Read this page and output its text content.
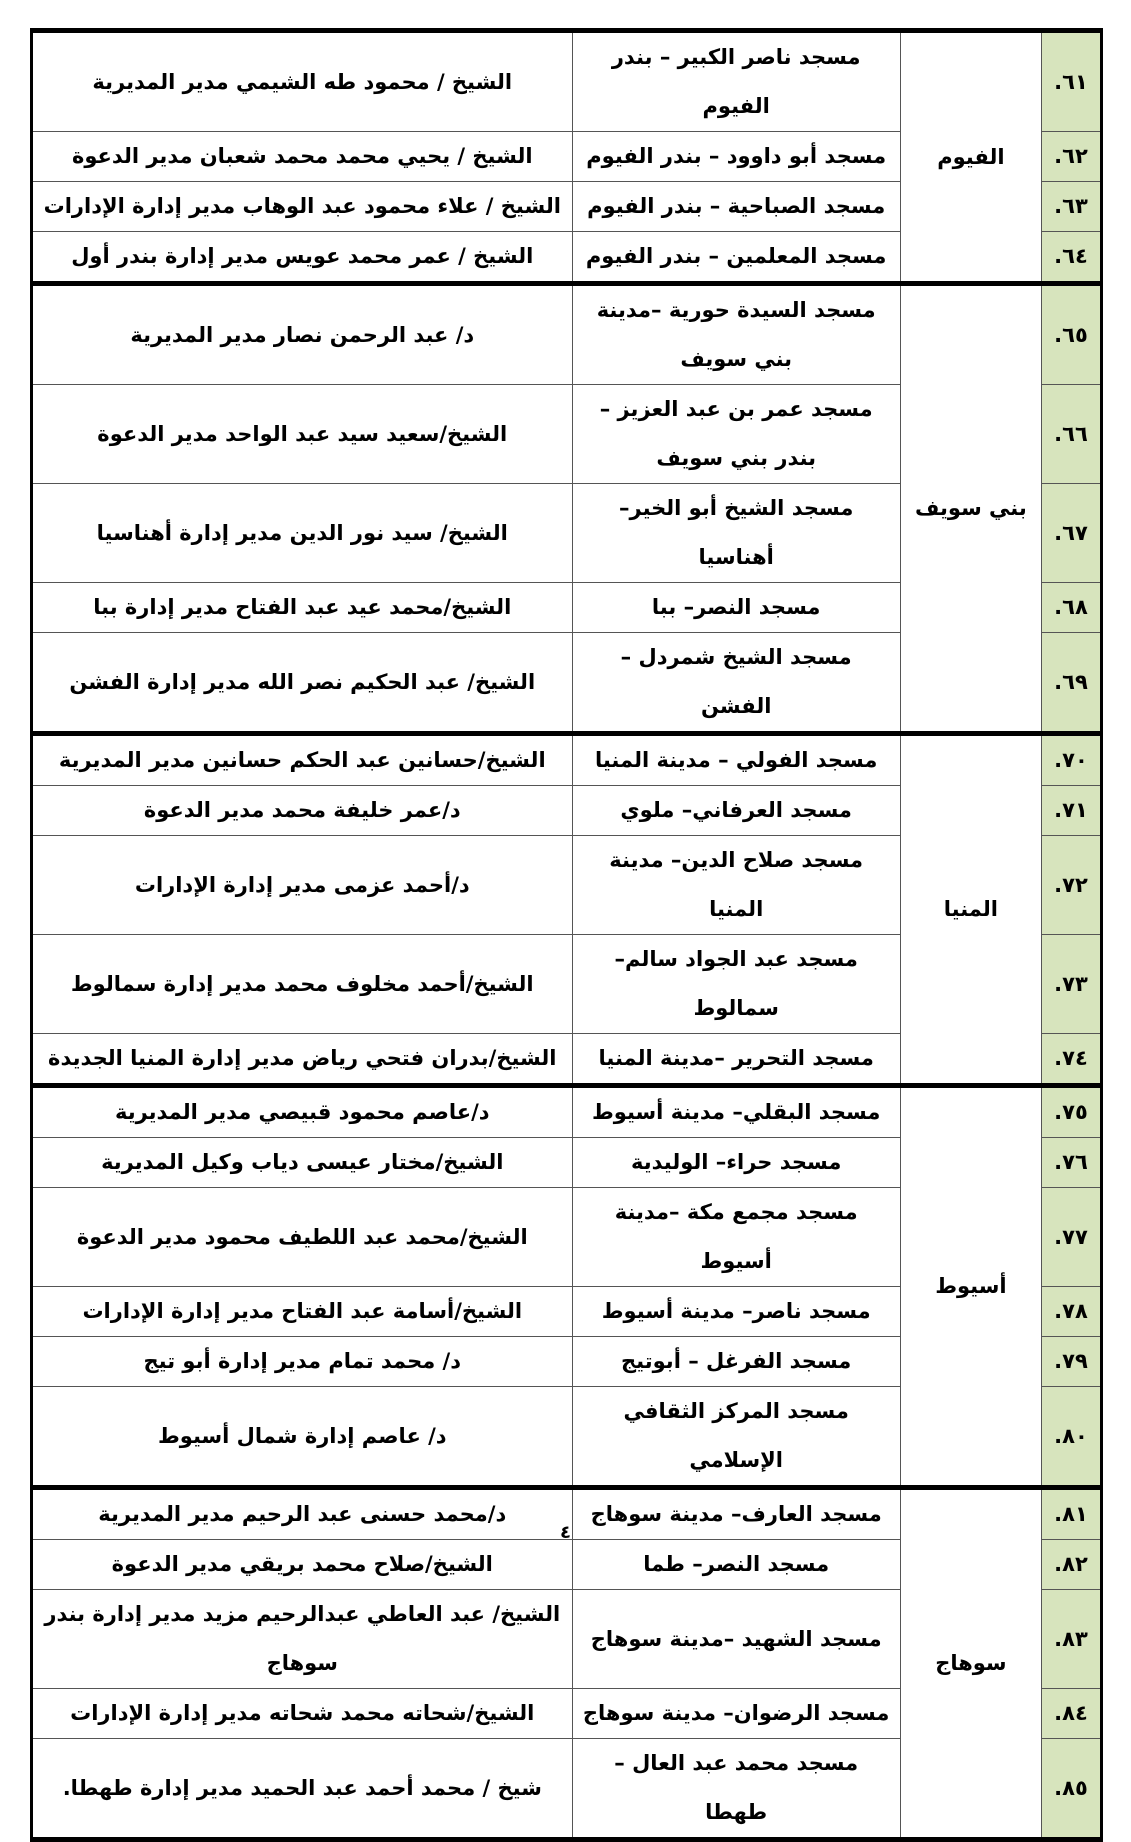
٦١.	الفيوم	مسجد ناصر الكبير – بندر الفيوم	الشيخ / محمود طه الشيمي مدير المديرية
٦٢.		مسجد أبو داوود – بندر الفيوم	الشيخ / يحيي محمد محمد شعبان مدير الدعوة
٦٣.		مسجد الصباحية – بندر الفيوم	الشيخ / علاء محمود عبد الوهاب مدير إدارة الإدارات
٦٤.		مسجد المعلمين – بندر الفيوم	الشيخ / عمر محمد عويس مدير إدارة بندر أول
٦٥.	بني سويف	مسجد السيدة حورية –مدينة بني سويف	د/ عبد الرحمن نصار مدير المديرية
٦٦.		مسجد عمر بن عبد العزيز –بندر بني سويف	الشيخ/سعيد سيد عبد الواحد مدير الدعوة
٦٧.		مسجد الشيخ أبو الخير– أهناسيا	الشيخ/ سيد نور الدين مدير إدارة أهناسيا
٦٨.		مسجد النصر– ببا	الشيخ/محمد عيد عبد الفتاح مدير إدارة ببا
٦٩.		مسجد الشيخ شمردل – الفشن	الشيخ/ عبد الحكيم نصر الله مدير إدارة الفشن
٧٠.	المنيا	مسجد الفولي – مدينة المنيا	الشيخ/حسانين عبد الحكم حسانين مدير المديرية
٧١.		مسجد العرفاني– ملوي	د/عمر خليفة محمد مدير الدعوة
٧٢.		مسجد صلاح الدين– مدينة المنيا	د/أحمد عزمى مدير إدارة الإدارات
٧٣.		مسجد عبد الجواد سالم– سمالوط	الشيخ/أحمد مخلوف محمد مدير إدارة سمالوط
٧٤.		مسجد التحرير –مدينة المنيا	الشيخ/بدران فتحي رياض مدير إدارة المنيا الجديدة
٧٥.	أسيوط	مسجد البقلي– مدينة أسيوط	د/عاصم محمود قبيصي مدير المديرية
٧٦.		مسجد حراء– الوليدية	الشيخ/مختار عيسى دياب وكيل المديرية
٧٧.		مسجد مجمع مكة –مدينة أسيوط	الشيخ/محمد عبد اللطيف محمود مدير الدعوة
٧٨.		مسجد ناصر– مدينة أسيوط	الشيخ/أسامة عبد الفتاح مدير إدارة الإدارات
٧٩.		مسجد الفرغل – أبوتيج	د/ محمد تمام مدير إدارة أبو تيج
٨٠.		مسجد المركز الثقافي الإسلامي	د/ عاصم إدارة شمال أسيوط
٨١.	سوهاج	مسجد العارف– مدينة سوهاج	د/محمد حسنى عبد الرحيم مدير المديرية
٨٢.		مسجد النصر– طما	الشيخ/صلاح محمد بريقي مدير الدعوة
٨٣.		مسجد الشهيد –مدينة سوهاج	الشيخ/ عبد العاطي عبدالرحيم مزيد مدير إدارة بندر سوهاج
٨٤.		مسجد الرضوان– مدينة سوهاج	الشيخ/شحاته محمد شحاته مدير إدارة الإدارات
٨٥.		مسجد محمد عبد العال – طهطا	شيخ / محمد أحمد عبد الحميد مدير إدارة طهطا.
٤
